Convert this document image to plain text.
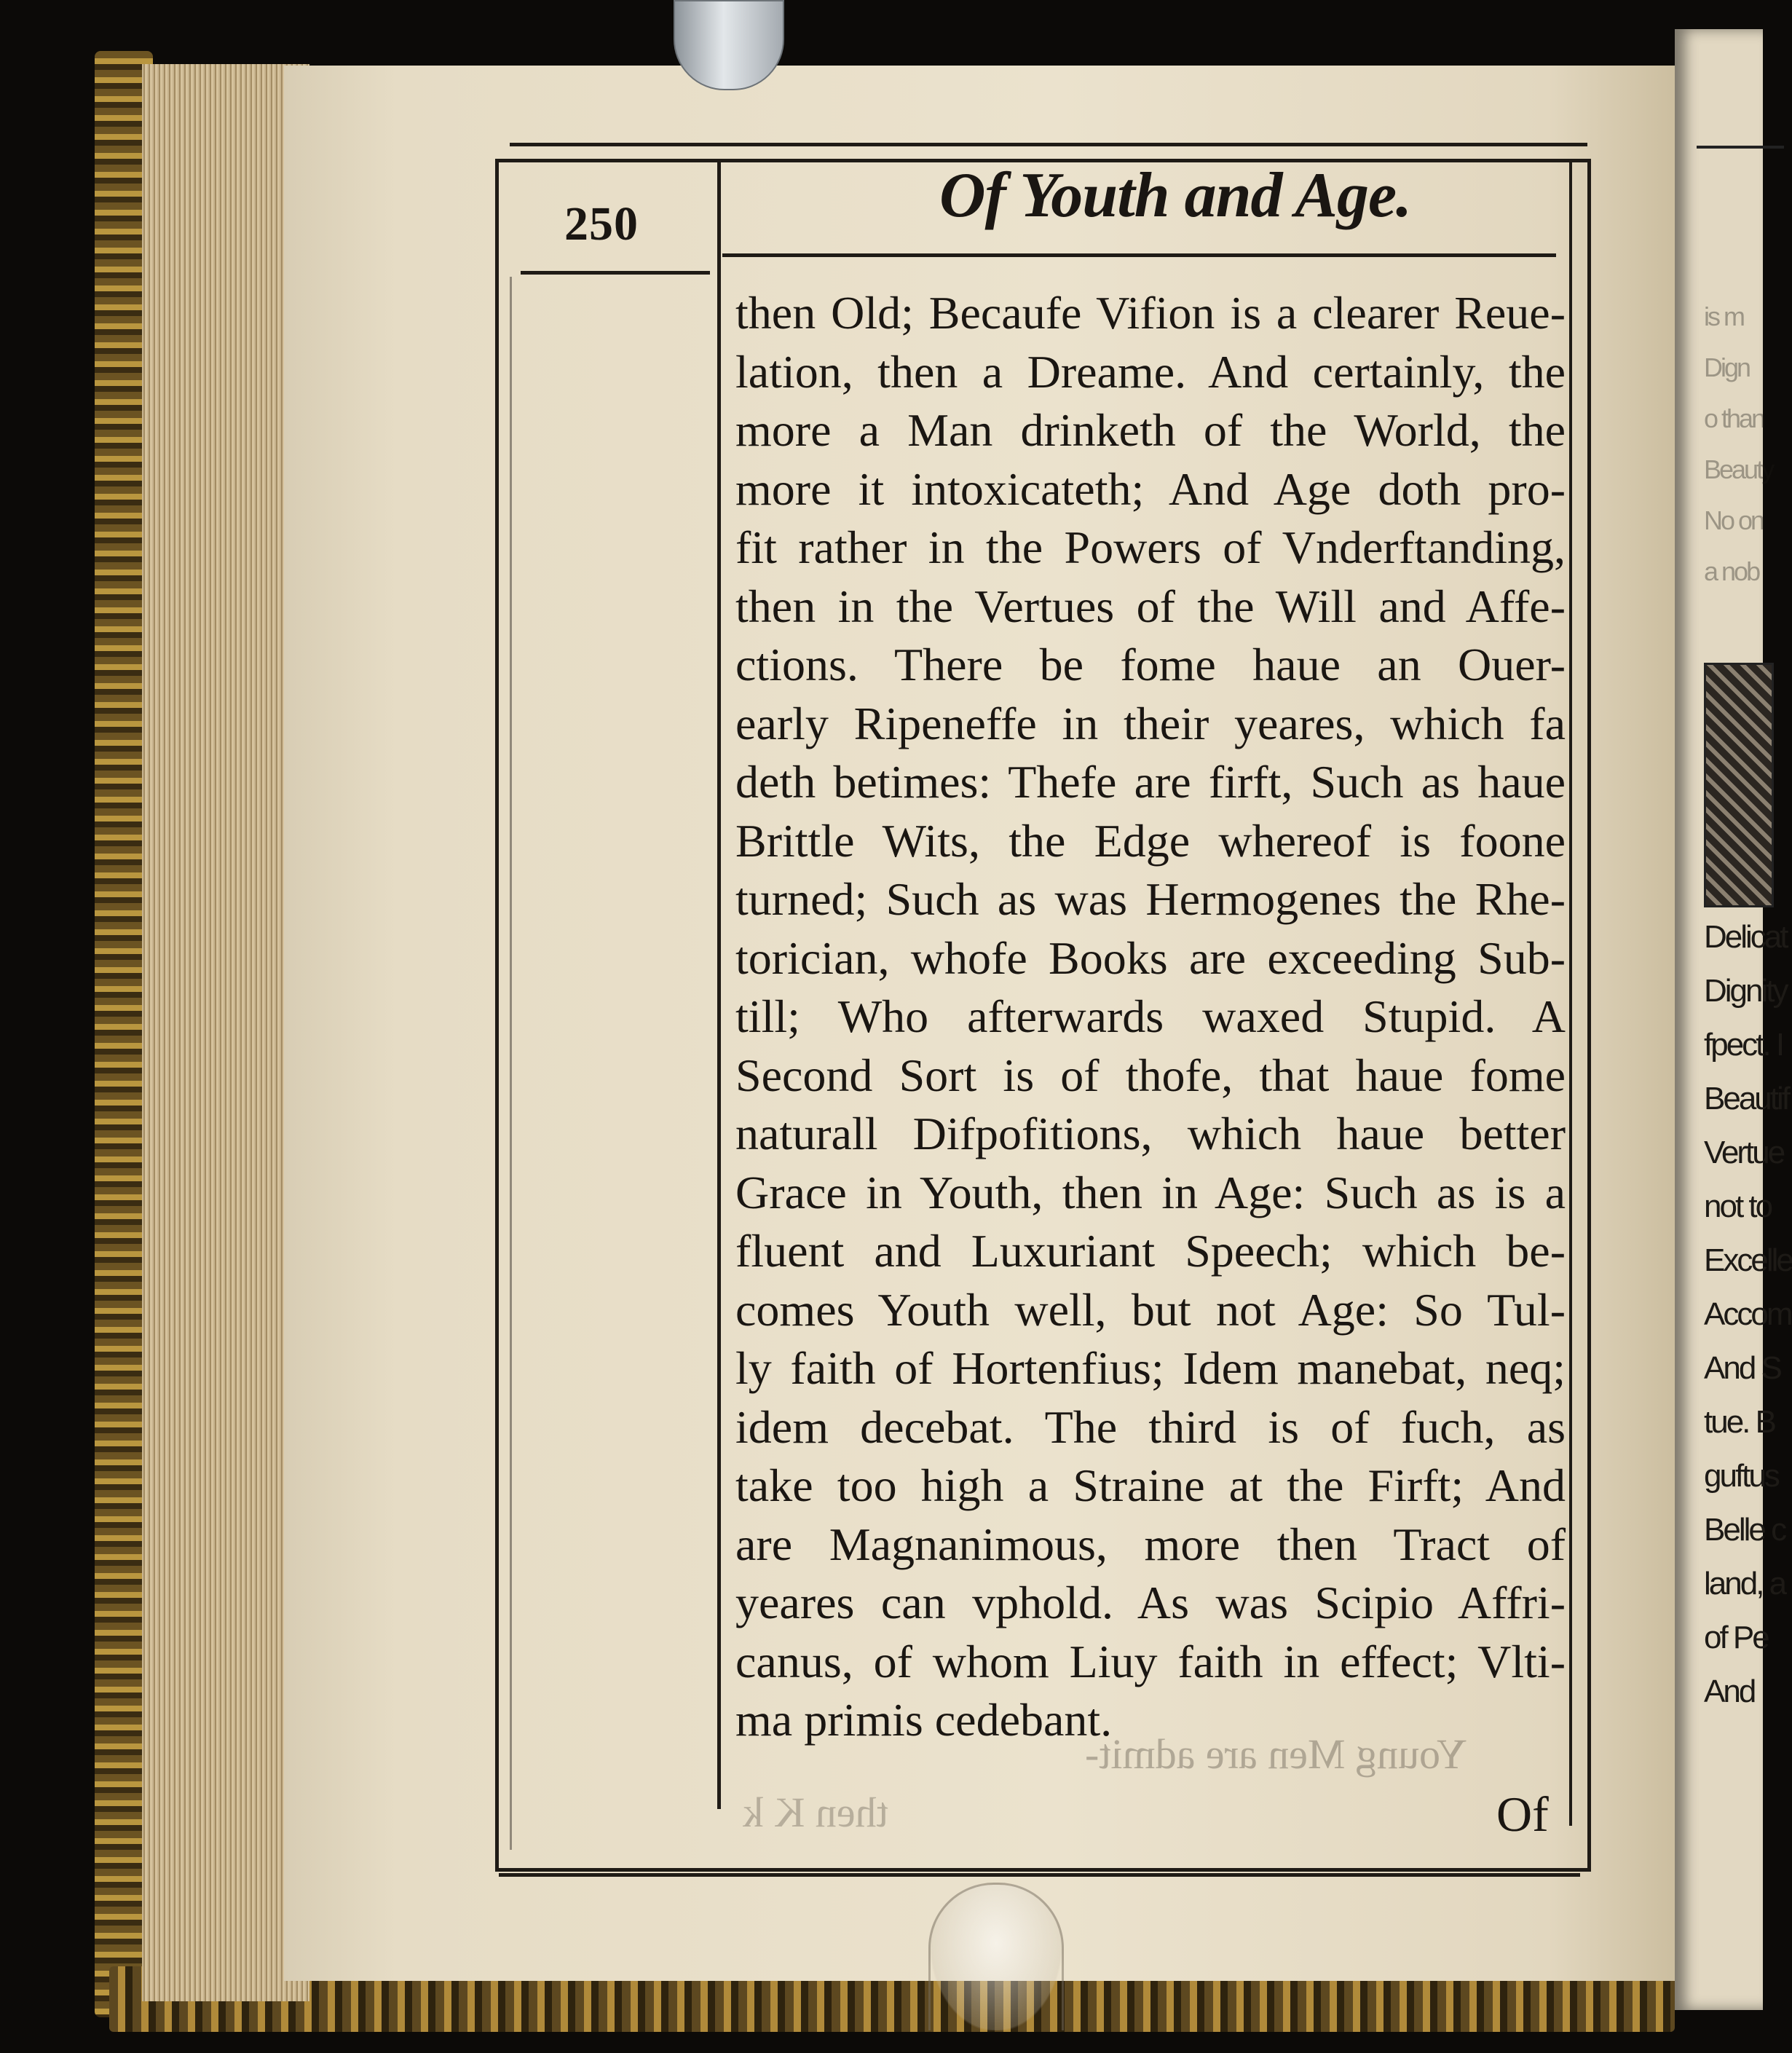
is m
Dign
o than
Beauty
No on
a nob
Delicat
Dignity
fpect. I
Beautif
Vertue
not to
Excelle
Accom
And S
tue. B
guftus
Belle c
land, a
of Pe
And
250	Of Youth and Age.
then Old; Becaufe Vifion is a clearer Reue-
lation, then a Dreame. And certainly, the
more a Man drinketh of the World, the
more it intoxicateth; And Age doth pro-
fit rather in the Powers of Vnderftanding,
then in the Vertues of the Will and Affe-
ctions. There be fome haue an Ouer-
early Ripeneffe in their yeares, which fa
deth betimes: Thefe are firft, Such as haue
Brittle Wits, the Edge whereof is foone
turned; Such as was Hermogenes the Rhe-
torician, whofe Books are exceeding Sub-
till; Who afterwards waxed Stupid. A
Second Sort is of thofe, that haue fome
naturall Difpofitions, which haue better
Grace in Youth, then in Age: Such as is a
fluent and Luxuriant Speech; which be-
comes Youth well, but not Age: So Tul-
ly faith of Hortenfius; Idem manebat, neq;
idem decebat. The third is of fuch, as
take too high a Straine at the Firft; And
are Magnanimous, more then Tract of
yeares can vphold. As was Scipio Affri-
canus, of whom Liuy faith in effect; Vlti-
ma primis cedebant.
Young Men are admit-
then K k	Of
